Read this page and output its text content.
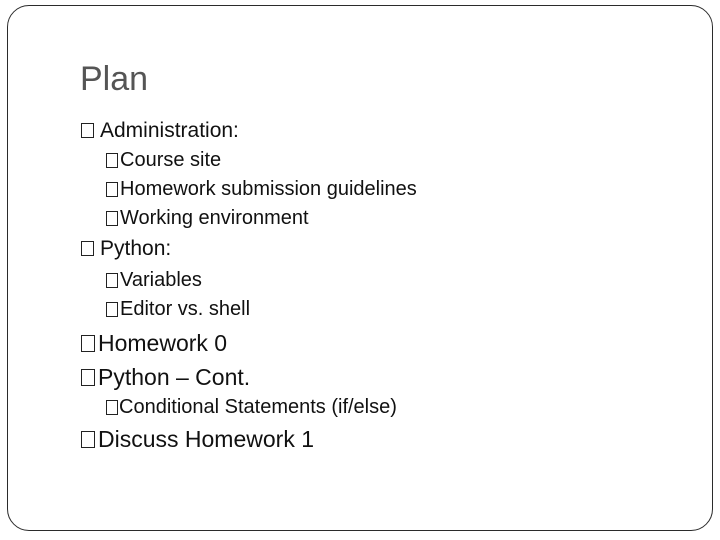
Plan
Administration:
Course site
Homework submission guidelines
Working environment
Python:
Variables
Editor vs. shell
Homework 0
Python – Cont.
Conditional Statements (if/else)
Discuss Homework 1
